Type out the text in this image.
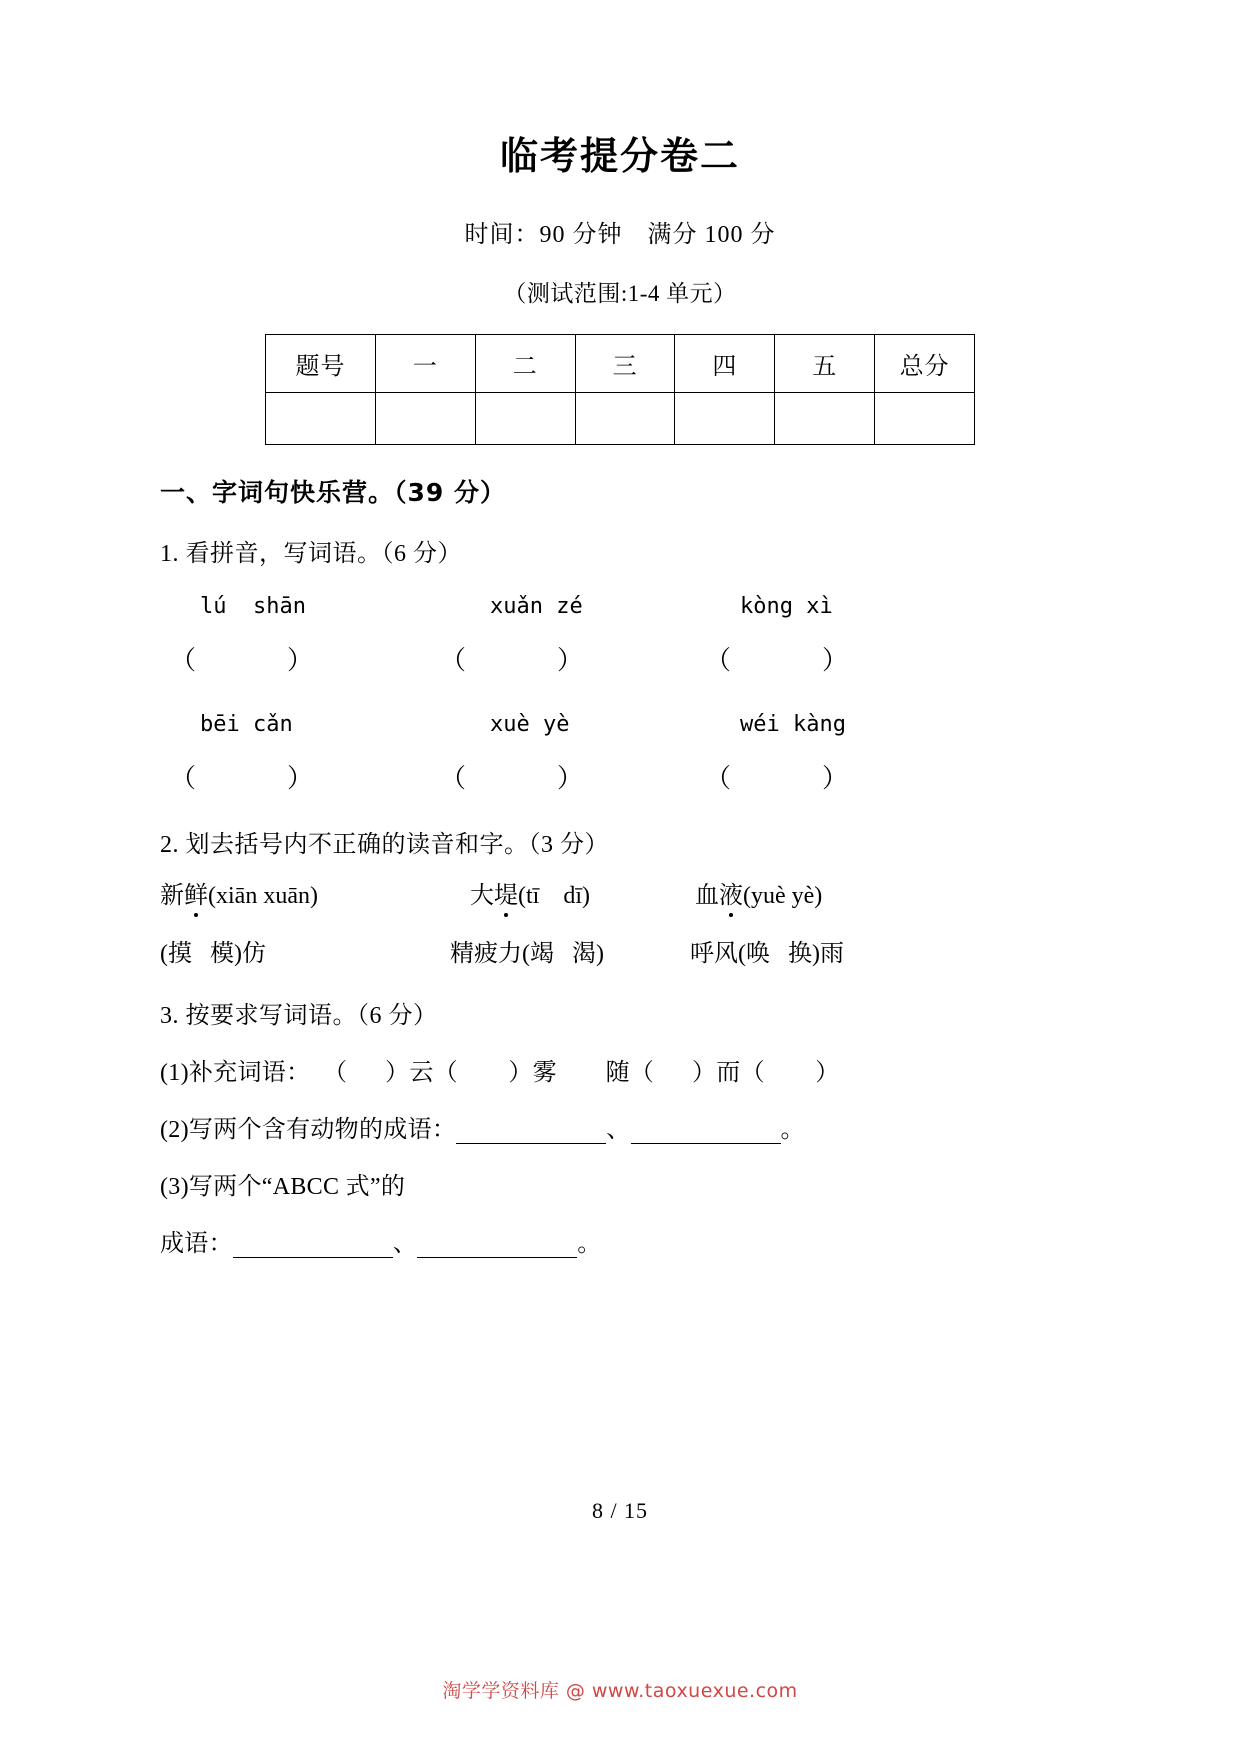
临考提分卷二

时间：90 分钟　满分 100 分

（测试范围:1-4 单元）

题号	一	二	三	四	五	总分

一、字词句快乐营。（39 分）

1. 看拼音，写词语。（6 分）

lú  shān	xuǎn zé	kòng xì
（              ）	（              ）	（              ）
bēi cǎn	xuè yè	wéi kàng
（              ）	（              ）	（              ）

2. 划去括号内不正确的读音和字。（3 分）

新鲜(xiān xuān)	大堤(tī    dī)	血液(yuè yè)
(摸   模)仿	精疲力(竭   渴)	呼风(唤   换)雨

3. 按要求写词语。（6 分）

(1)补充词语：  （      ）云（        ）雾　　随（      ）而（        ）

(2)写两个含有动物的成语：	、	。

(3)写两个“ABCC 式”的

成语：	、	。

8 / 15
淘学学资料库 @ www.taoxuexue.com
